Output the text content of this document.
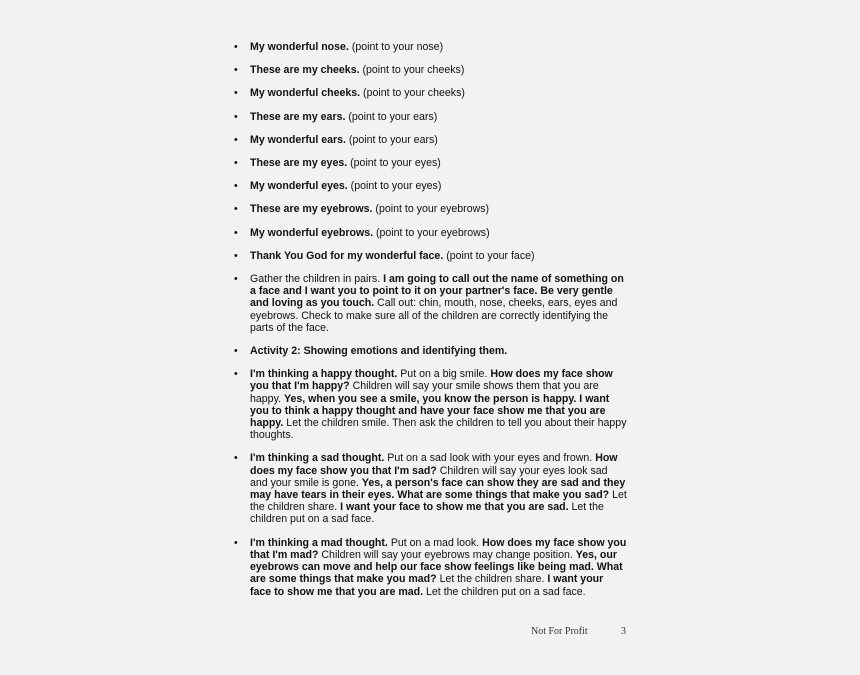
• My wonderful nose. (point to your nose)
• These are my cheeks. (point to your cheeks)
• My wonderful cheeks. (point to your cheeks)
• These are my ears. (point to your ears)
• My wonderful ears. (point to your ears)
• These are my eyes. (point to your eyes)
• My wonderful eyes. (point to your eyes)
• These are my eyebrows. (point to your eyebrows)
• My wonderful eyebrows. (point to your eyebrows)
• Thank You God for my wonderful face. (point to your face)
• Gather the children in pairs. I am going to call out the name of something on a face and I want you to point to it on your partner's face. Be very gentle and loving as you touch. Call out: chin, mouth, nose, cheeks, ears, eyes and eyebrows. Check to make sure all of the children are correctly identifying the parts of the face.
• Activity 2: Showing emotions and identifying them.
• I'm thinking a happy thought. Put on a big smile. How does my face show you that I'm happy? Children will say your smile shows them that you are happy. Yes, when you see a smile, you know the person is happy. I want you to think a happy thought and have your face show me that you are happy. Let the children smile. Then ask the children to tell you about their happy thoughts.
• I'm thinking a sad thought. Put on a sad look with your eyes and frown. How does my face show you that I'm sad? Children will say your eyes look sad and your smile is gone. Yes, a person's face can show they are sad and they may have tears in their eyes. What are some things that make you sad? Let the children share. I want your face to show me that you are sad. Let the children put on a sad face.
• I'm thinking a mad thought. Put on a mad look. How does my face show you that I'm mad? Children will say your eyebrows may change position. Yes, our eyebrows can move and help our face show feelings like being mad. What are some things that make you mad? Let the children share. I want your face to show me that you are mad. Let the children put on a sad face.
Not For Profit	3
